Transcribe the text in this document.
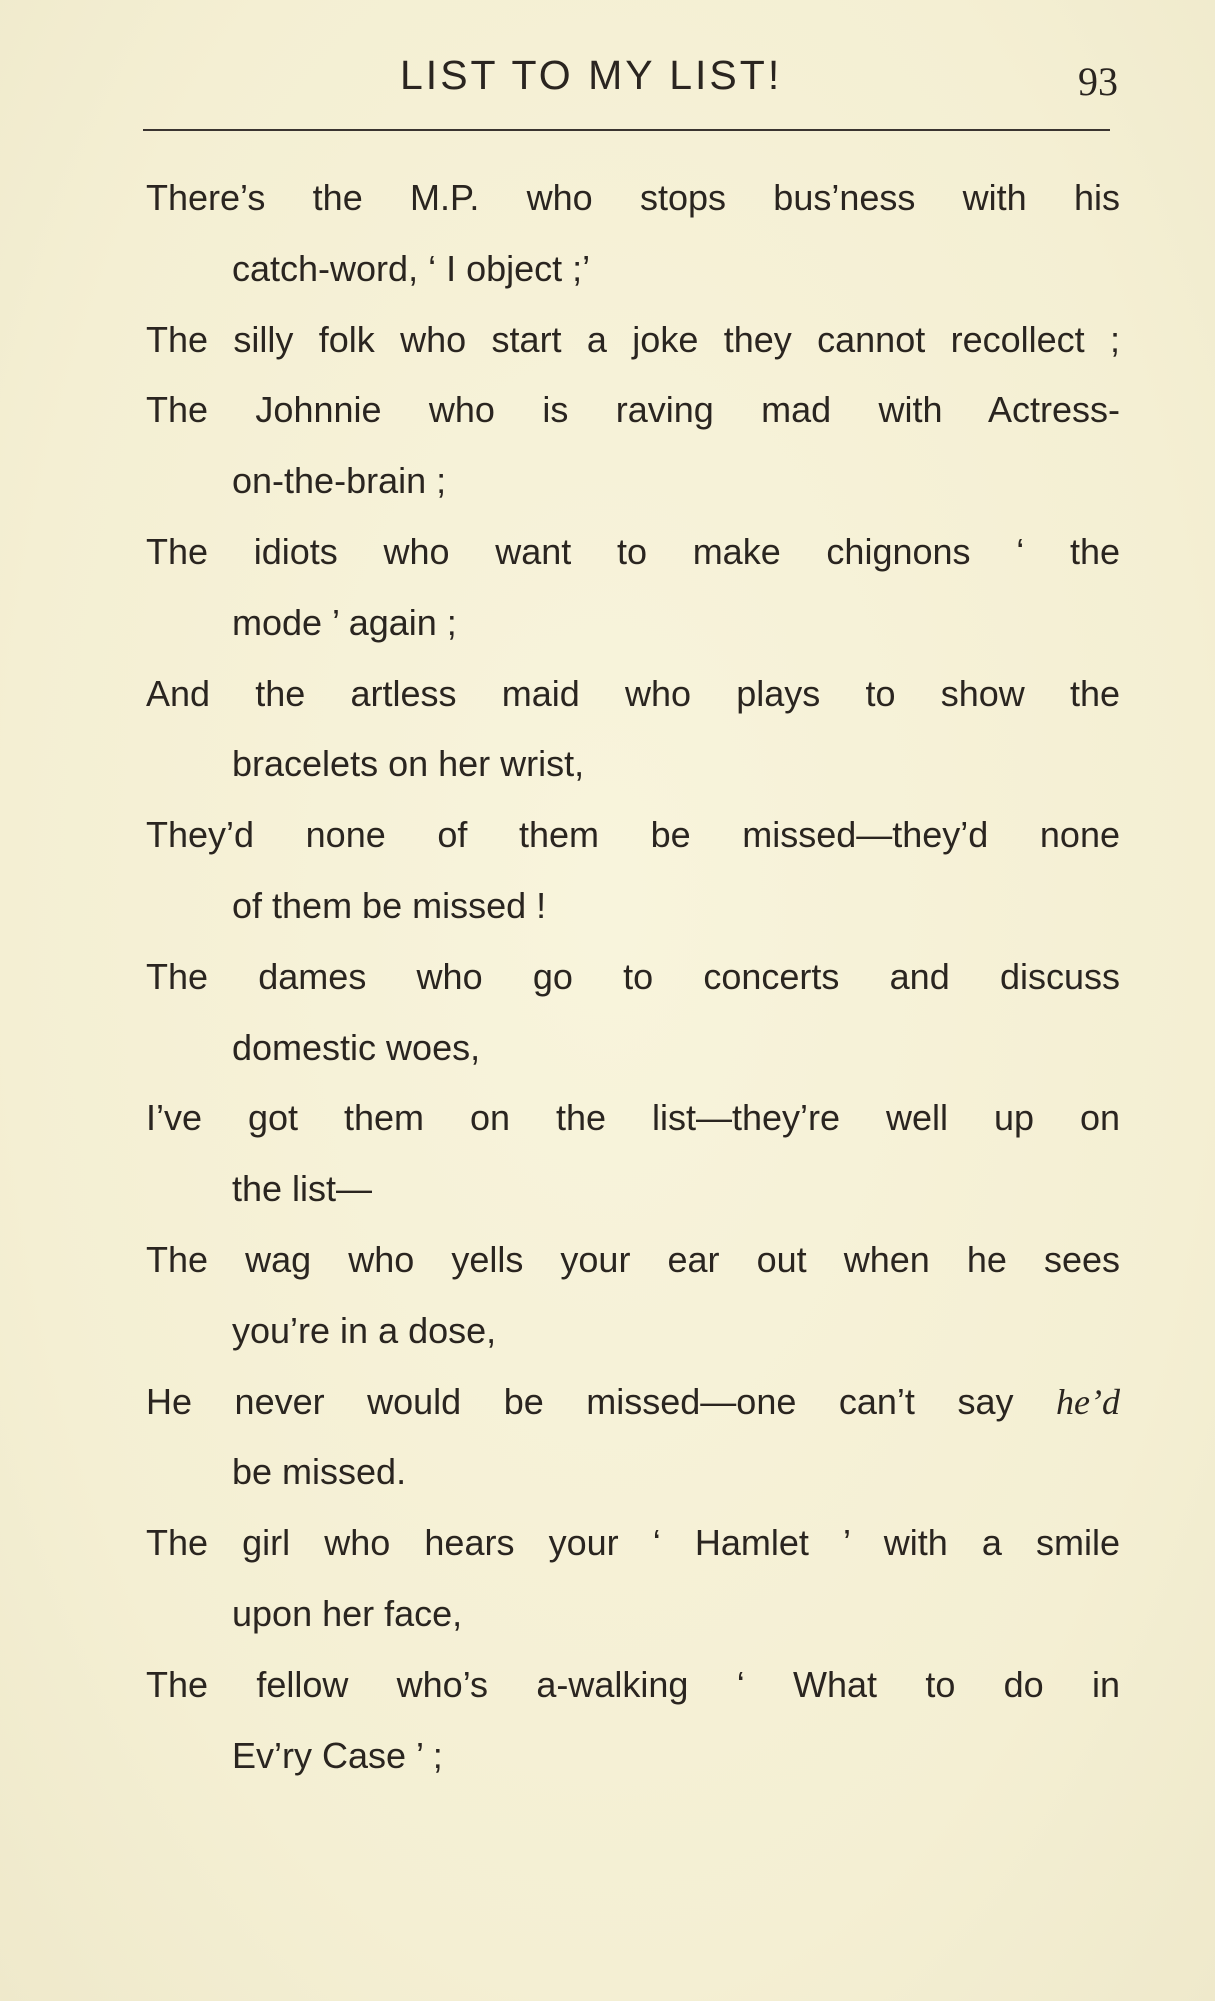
LIST TO MY LIST!	93
There’s the M.P. who stops bus’ness with his
catch-word, ‘ I object ;’
The silly folk who start a joke they cannot recollect ;
The Johnnie who is raving mad with Actress-
on-the-brain ;
The idiots who want to make chignons ‘ the
mode ’ again ;
And the artless maid who plays to show the
bracelets on her wrist,
They’d none of them be missed—they’d none
of them be missed !
The dames who go to concerts and discuss
domestic woes,
I’ve got them on the list—they’re well up on
the list—
The wag who yells your ear out when he sees
you’re in a dose,
He never would be missed—one can’t say he’d
be missed.
The girl who hears your ‘ Hamlet ’ with a smile
upon her face,
The fellow who’s a-walking ‘ What to do in
Ev’ry Case ’ ;
